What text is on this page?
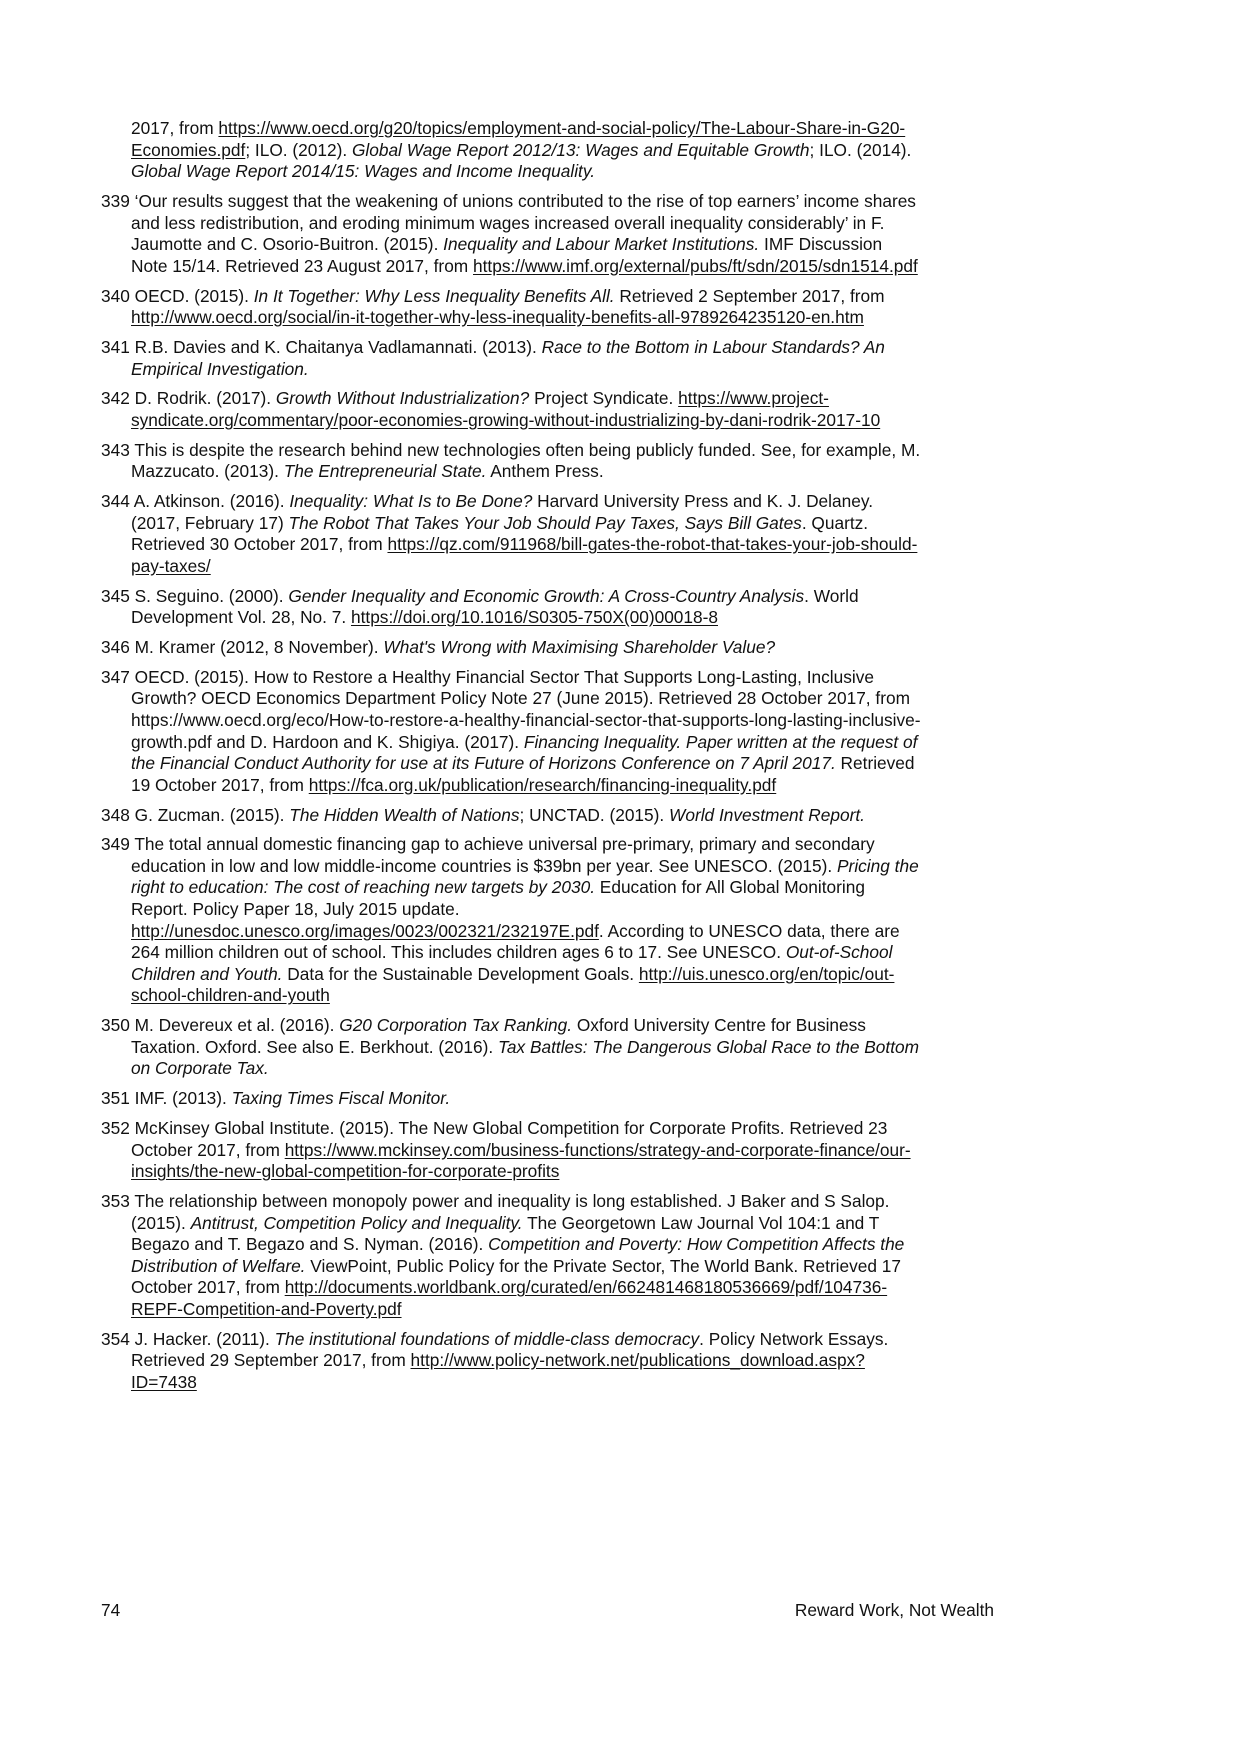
2017, from https://www.oecd.org/g20/topics/employment-and-social-policy/The-Labour-Share-in-G20-Economies.pdf; ILO. (2012). Global Wage Report 2012/13: Wages and Equitable Growth; ILO. (2014). Global Wage Report 2014/15: Wages and Income Inequality.

339 ‘Our results suggest that the weakening of unions contributed to the rise of top earners’ income shares and less redistribution, and eroding minimum wages increased overall inequality considerably’ in F. Jaumotte and C. Osorio-Buitron. (2015). Inequality and Labour Market Institutions. IMF Discussion Note 15/14. Retrieved 23 August 2017, from https://www.imf.org/external/pubs/ft/sdn/2015/sdn1514.pdf

340 OECD. (2015). In It Together: Why Less Inequality Benefits All. Retrieved 2 September 2017, from http://www.oecd.org/social/in-it-together-why-less-inequality-benefits-all-9789264235120-en.htm

341 R.B. Davies and K. Chaitanya Vadlamannati. (2013). Race to the Bottom in Labour Standards? An Empirical Investigation.

342 D. Rodrik. (2017). Growth Without Industrialization? Project Syndicate. https://www.project-syndicate.org/commentary/poor-economies-growing-without-industrializing-by-dani-rodrik-2017-10

343 This is despite the research behind new technologies often being publicly funded. See, for example, M. Mazzucato. (2013). The Entrepreneurial State. Anthem Press.

344 A. Atkinson. (2016). Inequality: What Is to Be Done? Harvard University Press and K. J. Delaney. (2017, February 17) The Robot That Takes Your Job Should Pay Taxes, Says Bill Gates. Quartz. Retrieved 30 October 2017, from https://qz.com/911968/bill-gates-the-robot-that-takes-your-job-should-pay-taxes/

345 S. Seguino. (2000). Gender Inequality and Economic Growth: A Cross-Country Analysis. World Development Vol. 28, No. 7. https://doi.org/10.1016/S0305-750X(00)00018-8

346 M. Kramer (2012, 8 November). What's Wrong with Maximising Shareholder Value?

347 OECD. (2015). How to Restore a Healthy Financial Sector That Supports Long-Lasting, Inclusive Growth? OECD Economics Department Policy Note 27 (June 2015). Retrieved 28 October 2017, from https://www.oecd.org/eco/How-to-restore-a-healthy-financial-sector-that-supports-long-lasting-inclusive-growth.pdf and D. Hardoon and K. Shigiya. (2017). Financing Inequality. Paper written at the request of the Financial Conduct Authority for use at its Future of Horizons Conference on 7 April 2017. Retrieved 19 October 2017, from https://fca.org.uk/publication/research/financing-inequality.pdf

348 G. Zucman. (2015). The Hidden Wealth of Nations; UNCTAD. (2015). World Investment Report.

349 The total annual domestic financing gap to achieve universal pre-primary, primary and secondary education in low and low middle-income countries is $39bn per year. See UNESCO. (2015). Pricing the right to education: The cost of reaching new targets by 2030. Education for All Global Monitoring Report. Policy Paper 18, July 2015 update. http://unesdoc.unesco.org/images/0023/002321/232197E.pdf. According to UNESCO data, there are 264 million children out of school. This includes children ages 6 to 17. See UNESCO. Out-of-School Children and Youth. Data for the Sustainable Development Goals. http://uis.unesco.org/en/topic/out-school-children-and-youth

350 M. Devereux et al. (2016). G20 Corporation Tax Ranking. Oxford University Centre for Business Taxation. Oxford. See also E. Berkhout. (2016). Tax Battles: The Dangerous Global Race to the Bottom on Corporate Tax.

351 IMF. (2013). Taxing Times Fiscal Monitor.

352 McKinsey Global Institute. (2015). The New Global Competition for Corporate Profits. Retrieved 23 October 2017, from https://www.mckinsey.com/business-functions/strategy-and-corporate-finance/our-insights/the-new-global-competition-for-corporate-profits

353 The relationship between monopoly power and inequality is long established. J Baker and S Salop. (2015). Antitrust, Competition Policy and Inequality. The Georgetown Law Journal Vol 104:1 and T Begazo and T. Begazo and S. Nyman. (2016). Competition and Poverty: How Competition Affects the Distribution of Welfare. ViewPoint, Public Policy for the Private Sector, The World Bank. Retrieved 17 October 2017, from http://documents.worldbank.org/curated/en/662481468180536669/pdf/104736-REPF-Competition-and-Poverty.pdf

354 J. Hacker. (2011). The institutional foundations of middle-class democracy. Policy Network Essays. Retrieved 29 September 2017, from http://www.policy-network.net/publications_download.aspx?ID=7438

74	Reward Work, Not Wealth
